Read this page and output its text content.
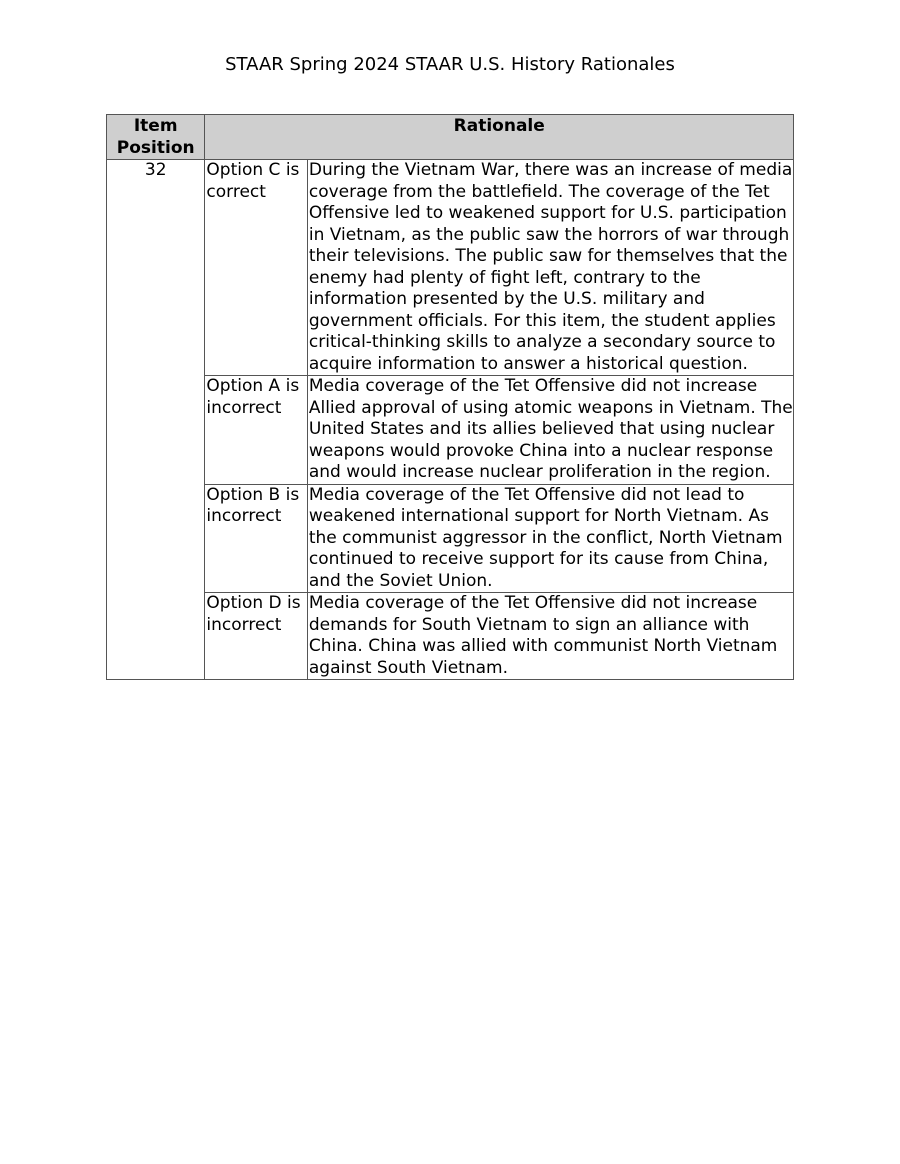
STAAR Spring 2024 STAAR U.S. History Rationales
Item Position	Rationale	
32	Option C is correct	During the Vietnam War, there was an increase of media coverage from the battlefield. The coverage of the Tet Offensive led to weakened support for U.S. participation in Vietnam, as the public saw the horrors of war through their televisions. The public saw for themselves that the enemy had plenty of fight left, contrary to the information presented by the U.S. military and government officials. For this item, the student applies critical-thinking skills to analyze a secondary source to acquire information to answer a historical question.
	Option A is incorrect	Media coverage of the Tet Offensive did not increase Allied approval of using atomic weapons in Vietnam. The United States and its allies believed that using nuclear weapons would provoke China into a nuclear response and would increase nuclear proliferation in the region.
	Option B is incorrect	Media coverage of the Tet Offensive did not lead to weakened international support for North Vietnam. As the communist aggressor in the conflict, North Vietnam continued to receive support for its cause from China, and the Soviet Union.
	Option D is incorrect	Media coverage of the Tet Offensive did not increase demands for South Vietnam to sign an alliance with China. China was allied with communist North Vietnam against South Vietnam.
